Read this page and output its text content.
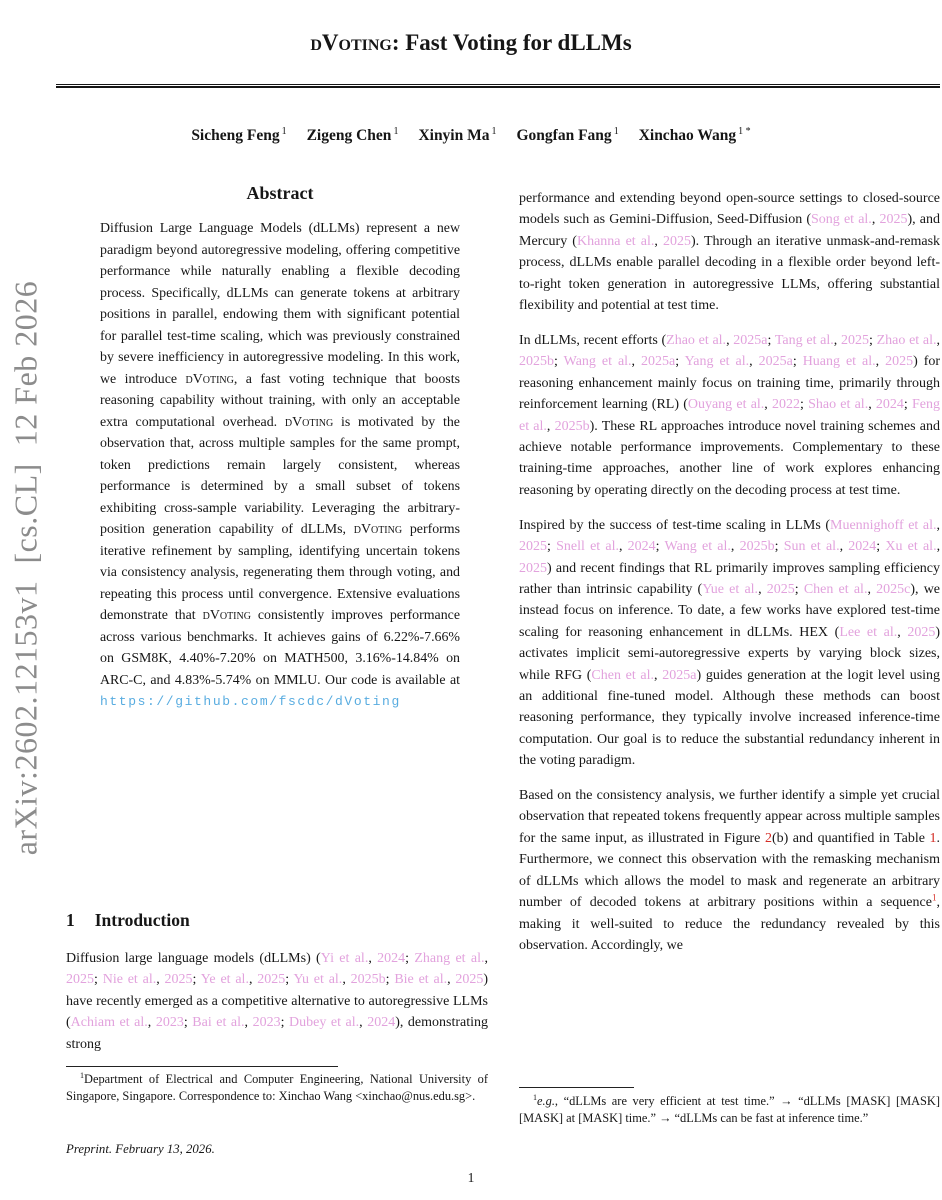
arXiv:2602.12153v1  [cs.CL]  12 Feb 2026
dVoting: Fast Voting for dLLMs
Sicheng Feng $^1$ Zigeng Chen $^1$ Xinyin Ma $^1$ Gongfan Fang $^1$ Xinchao Wang $^{1 *}$
Abstract
Diffusion Large Language Models (dLLMs) represent a new paradigm beyond autoregressive modeling, offering competitive performance while naturally enabling a flexible decoding process. Specifically, dLLMs can generate tokens at arbitrary positions in parallel, endowing them with significant potential for parallel test-time scaling, which was previously constrained by severe inefficiency in autoregressive modeling. In this work, we introduce dVoting, a fast voting technique that boosts reasoning capability without training, with only an acceptable extra computational overhead. dVoting is motivated by the observation that, across multiple samples for the same prompt, token predictions remain largely consistent, whereas performance is determined by a small subset of tokens exhibiting cross-sample variability. Leveraging the arbitrary-position generation capability of dLLMs, dVoting performs iterative refinement by sampling, identifying uncertain tokens via consistency analysis, regenerating them through voting, and repeating this process until convergence. Extensive evaluations demonstrate that dVoting consistently improves performance across various benchmarks. It achieves gains of 6.22%-7.66% on GSM8K, 4.40%-7.20% on MATH500, 3.16%-14.84% on ARC-C, and 4.83%-5.74% on MMLU. Our code is available at https://github.com/fscdc/dVoting
1 Introduction
Diffusion large language models (dLLMs) (Yi et al., 2024; Zhang et al., 2025; Nie et al., 2025; Ye et al., 2025; Yu et al., 2025b; Bie et al., 2025) have recently emerged as a competitive alternative to autoregressive LLMs (Achiam et al., 2023; Bai et al., 2023; Dubey et al., 2024), demonstrating strong
$^1$Department of Electrical and Computer Engineering, National University of Singapore, Singapore. Correspondence to: Xinchao Wang <xinchao@nus.edu.sg>.
Preprint. February 13, 2026.

performance and extending beyond open-source settings to closed-source models such as Gemini-Diffusion, Seed-Diffusion (Song et al., 2025), and Mercury (Khanna et al., 2025). Through an iterative unmask-and-remask process, dLLMs enable parallel decoding in a flexible order beyond left-to-right token generation in autoregressive LLMs, offering substantial flexibility and potential at test time.

In dLLMs, recent efforts (Zhao et al., 2025a; Tang et al., 2025; Zhao et al., 2025b; Wang et al., 2025a; Yang et al., 2025a; Huang et al., 2025) for reasoning enhancement mainly focus on training time, primarily through reinforcement learning (RL) (Ouyang et al., 2022; Shao et al., 2024; Feng et al., 2025b). These RL approaches introduce novel training schemes and achieve notable performance improvements. Complementary to these training-time approaches, another line of work explores enhancing reasoning by operating directly on the decoding process at test time.

Inspired by the success of test-time scaling in LLMs (Muennighoff et al., 2025; Snell et al., 2024; Wang et al., 2025b; Sun et al., 2024; Xu et al., 2025) and recent findings that RL primarily improves sampling efficiency rather than intrinsic capability (Yue et al., 2025; Chen et al., 2025c), we instead focus on inference. To date, a few works have explored test-time scaling for reasoning enhancement in dLLMs. HEX (Lee et al., 2025) activates implicit semi-autoregressive experts by varying block sizes, while RFG (Chen et al., 2025a) guides generation at the logit level using an additional fine-tuned model. Although these methods can boost reasoning performance, they typically involve increased inference-time computation. Our goal is to reduce the substantial redundancy inherent in the voting paradigm.

Based on the consistency analysis, we further identify a simple yet crucial observation that repeated tokens frequently appear across multiple samples for the same input, as illustrated in Figure 2(b) and quantified in Table 1. Furthermore, we connect this observation with the remasking mechanism of dLLMs which allows the model to mask and regenerate an arbitrary number of decoded tokens at arbitrary positions within a sequence$^1$, making it well-suited to reduce the redundancy revealed by this observation. Accordingly, we

$^1$e.g., “dLLMs are very efficient at test time.” → “dLLMs [MASK] [MASK] [MASK] at [MASK] time.” → “dLLMs can be fast at inference time.”
1
